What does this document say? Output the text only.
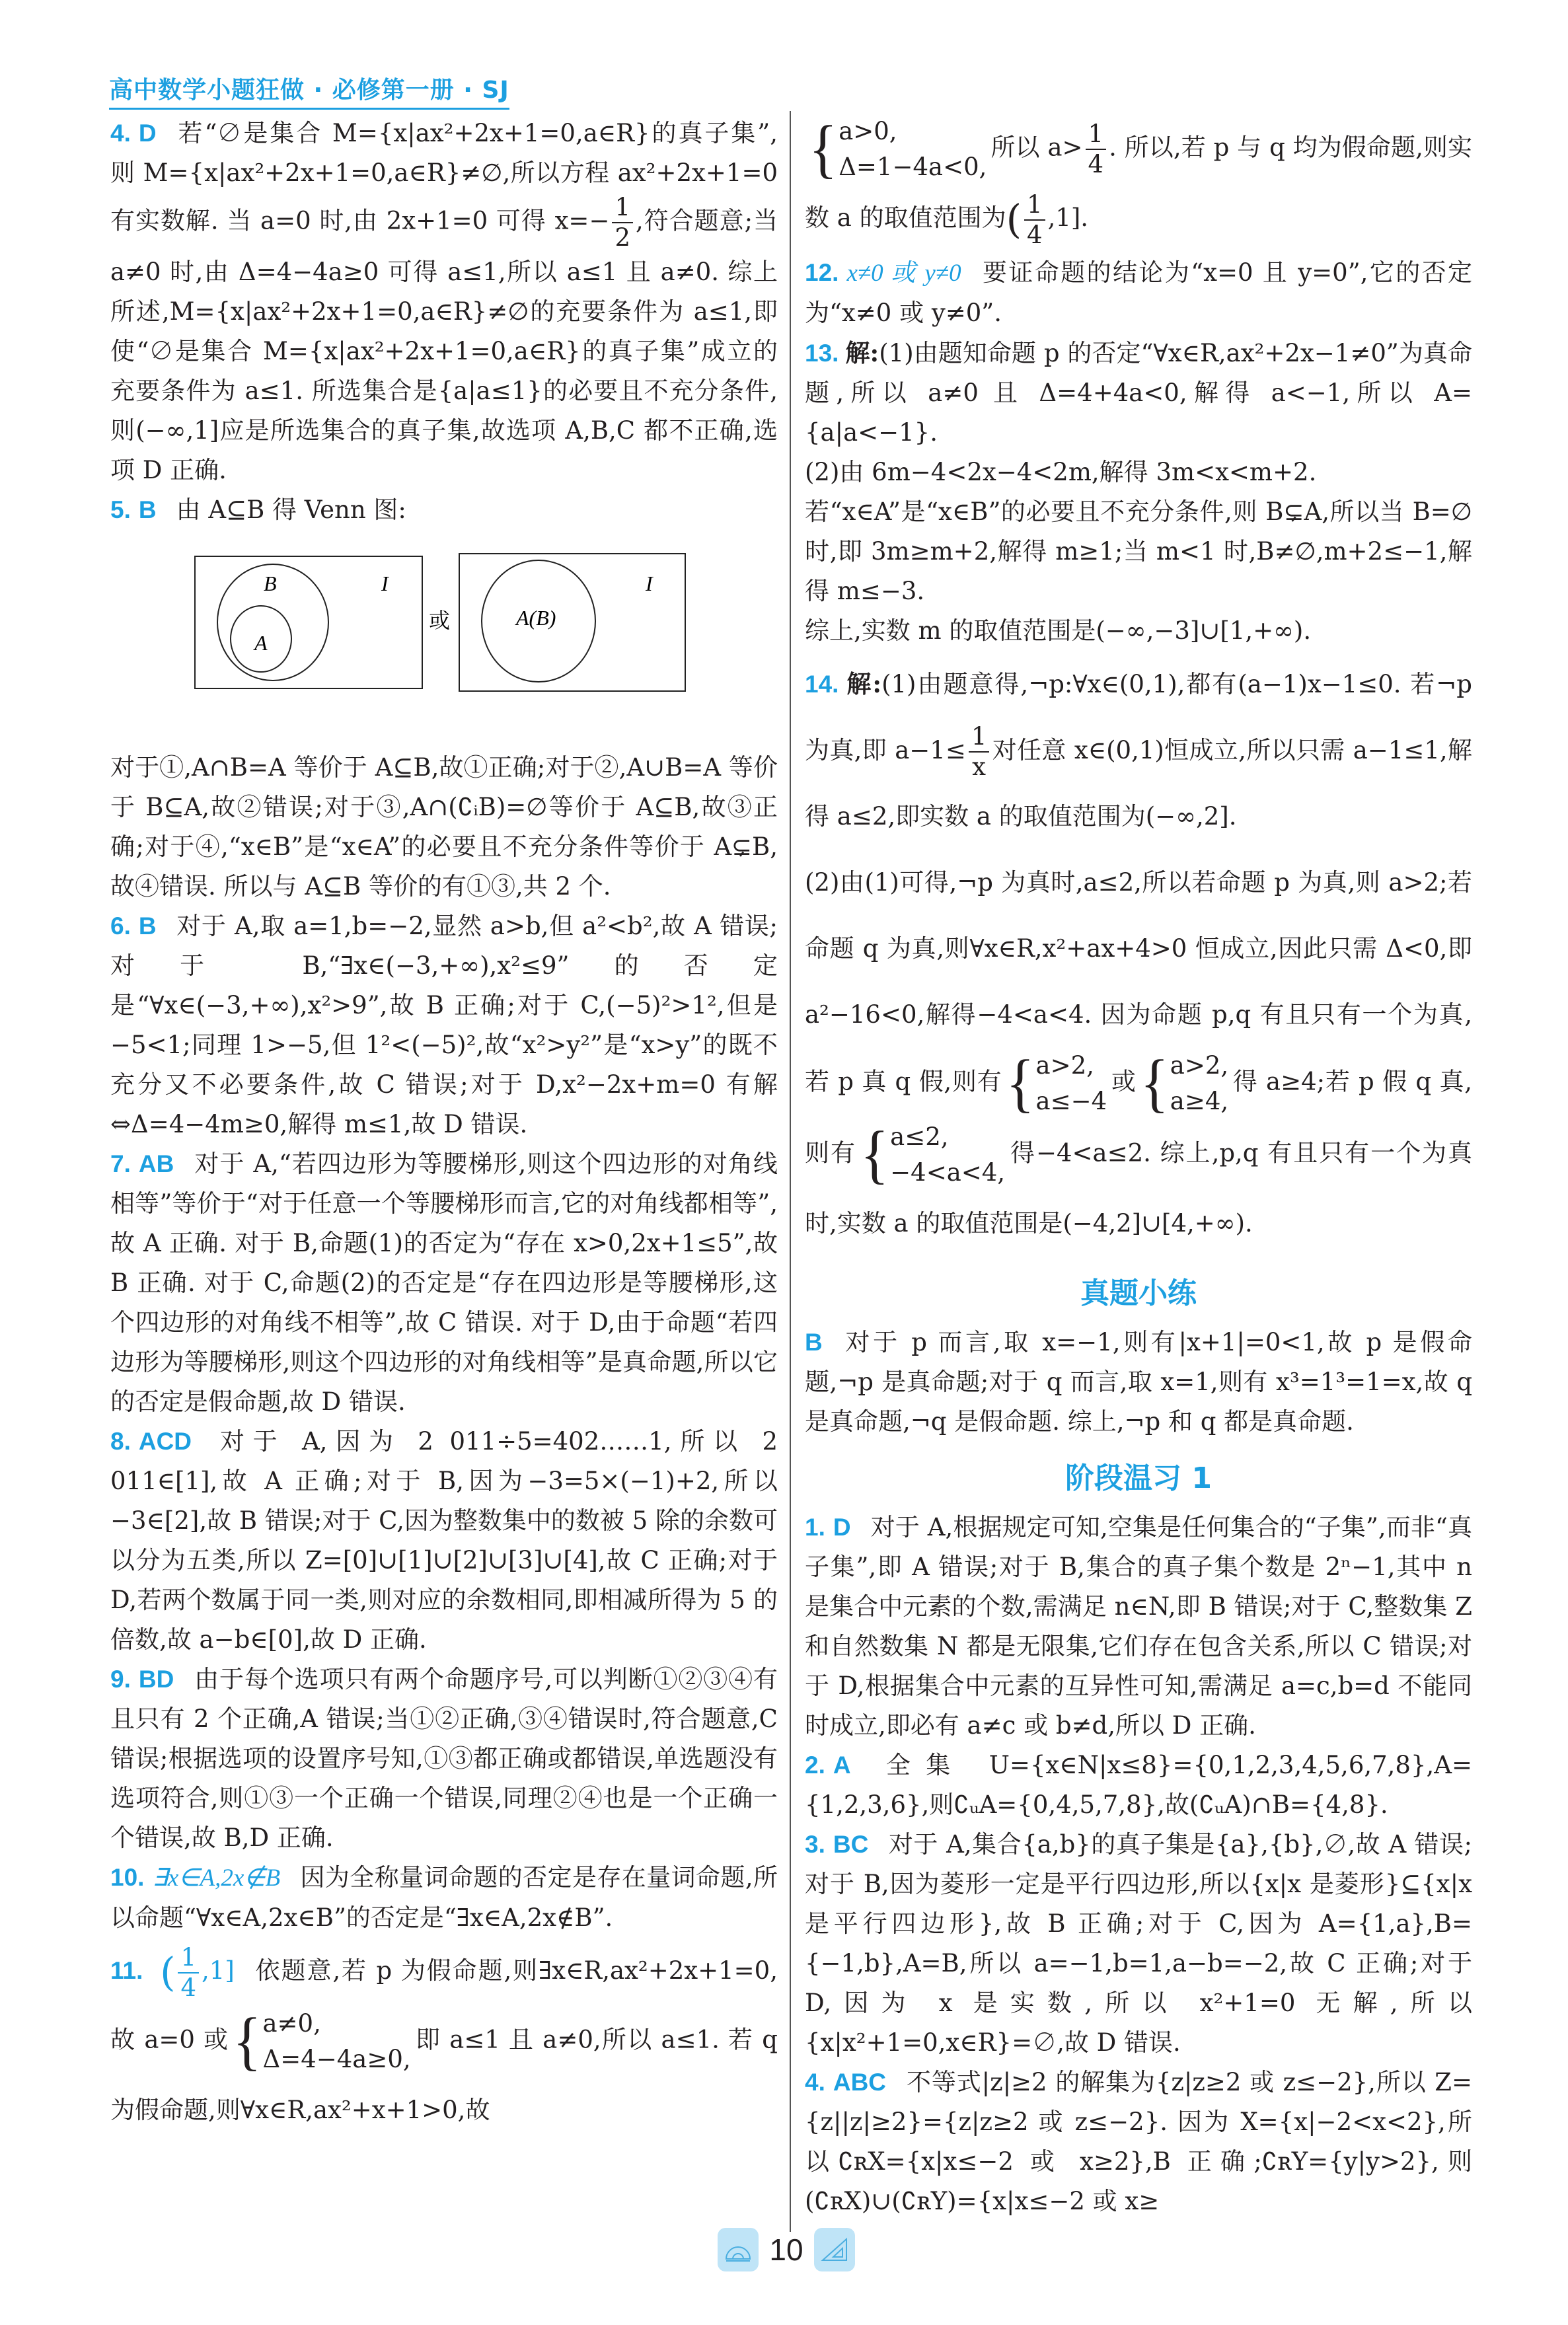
高中数学小题狂做 · 必修第一册 · SJ

4. D 若“∅是集合 M={x|ax²+2x+1=0,a∈R}的真子集”,则 M={x|ax²+2x+1=0,a∈R}≠∅,所以方程 ax²+2x+1=0 有实数解. 当 a=0 时,由 2x+1=0 可得 $x=- \frac{1}{2}$ ,符合题意;当 a≠0 时,由 Δ=4−4a≥0 可得 a≤1,所以 a≤1 且 a≠0. 综上所述,M={x|ax²+2x+1=0,a∈R}≠∅的充要条件为 a≤1,即使“∅是集合 M={x|ax²+2x+1=0,a∈R}的真子集”成立的充要条件为 a≤1. 所选集合是{a|a≤1}的必要且不充分条件,则(−∞,1]应是所选集合的真子集,故选项 A,B,C 都不正确,选项 D 正确.

5. B 由 A⊆B 得 Venn 图:

B
A
I
或	A(B)
I

对于①,A∩B=A 等价于 A⊆B,故①正确;对于②,A∪B=A 等价于 B⊆A,故②错误;对于③,A∩(∁ᵢB)=∅等价于 A⊆B,故③正确;对于④,“x∈B”是“x∈A”的必要且不充分条件等价于 A⊊B,故④错误. 所以与 A⊆B 等价的有①③,共 2 个.

6. B 对于 A,取 a=1,b=−2,显然 a>b,但 a²<b²,故 A 错误;对于 B,“∃x∈(−3,+∞),x²≤9”的否定是“∀x∈(−3,+∞),x²>9”,故 B 正确;对于 C,(−5)²>1²,但是−5<1;同理 1>−5,但 1²<(−5)²,故“x²>y²”是“x>y”的既不充分又不必要条件,故 C 错误;对于 D,x²−2x+m=0 有解⇔Δ=4−4m≥0,解得 m≤1,故 D 错误.

7. AB 对于 A,“若四边形为等腰梯形,则这个四边形的对角线相等”等价于“对于任意一个等腰梯形而言,它的对角线都相等”,故 A 正确. 对于 B,命题(1)的否定为“存在 x>0,2x+1≤5”,故 B 正确. 对于 C,命题(2)的否定是“存在四边形是等腰梯形,这个四边形的对角线不相等”,故 C 错误. 对于 D,由于命题“若四边形为等腰梯形,则这个四边形的对角线相等”是真命题,所以它的否定是假命题,故 D 错误.

8. ACD 对于 A,因为 2 011÷5=402……1,所以 2 011∈[1],故 A 正确;对于 B,因为−3=5×(−1)+2,所以−3∈[2],故 B 错误;对于 C,因为整数集中的数被 5 除的余数可以分为五类,所以 Z=[0]∪[1]∪[2]∪[3]∪[4],故 C 正确;对于 D,若两个数属于同一类,则对应的余数相同,即相减所得为 5 的倍数,故 a−b∈[0],故 D 正确.

9. BD 由于每个选项只有两个命题序号,可以判断①②③④有且只有 2 个正确,A 错误;当①②正确,③④错误时,符合题意,C 错误;根据选项的设置序号知,①③都正确或都错误,单选题没有选项符合,则①③一个正确一个错误,同理②④也是一个正确一个错误,故 B,D 正确.

10. ∃x∈A,2x∉B 因为全称量词命题的否定是存在量词命题,所以命题“∀x∈A,2x∈B”的否定是“∃x∈A,2x∉B”.

11. ( $\frac{1}{4} ,1$] 依题意,若 p 为假命题,则∃x∈R,ax²+2x+1=0,故 a=0 或 { a≠0,
Δ=4−4a≥0,
即 a≤1 且 a≠0,所以 a≤1. 若 q 为假命题,则∀x∈R,ax²+x+1>0,故

{ a>0,
Δ=1−4a<0,
所以 $a> \frac{1}{4}$ . 所以,若 p 与 q 均为假命题,则实数 a 的取值范围为( $\frac{1}{4} ,1$].

12. x≠0 或 y≠0 要证命题的结论为“x=0 且 y=0”,它的否定为“x≠0 或 y≠0”.

13. 解:(1)由题知命题 p 的否定“∀x∈R,ax²+2x−1≠0”为真命题,所以 a≠0 且 Δ=4+4a<0,解得 a<−1,所以 A={a|a<−1}.

(2)由 6m−4<2x−4<2m,解得 3m<x<m+2.

若“x∈A”是“x∈B”的必要且不充分条件,则 B⊊A,所以当 B=∅时,即 3m≥m+2,解得 m≥1;当 m<1 时,B≠∅,m+2≤−1,解得 m≤−3.

综上,实数 m 的取值范围是(−∞,−3]∪[1,+∞).

14. 解:(1)由题意得,¬p:∀x∈(0,1),都有(a−1)x−1≤0. 若¬p 为真,即 $a-1\le \frac{1}{x}$ 对任意 x∈(0,1)恒成立,所以只需 a−1≤1,解得 a≤2,即实数 a 的取值范围为(−∞,2].

(2)由(1)可得,¬p 为真时,a≤2,所以若命题 p 为真,则 a>2;若命题 q 为真,则∀x∈R,x²+ax+4>0 恒成立,因此只需 Δ<0,即 a²−16<0,解得−4<a<4. 因为命题 p,q 有且只有一个为真,若 p 真 q 假,则有 { a>2,
a≤−4
或 { a>2,
a≥4,
得 a≥4;若 p 假 q 真,则有 { a≤2,
−4<a<4,
得−4<a≤2. 综上,p,q 有且只有一个为真时,实数 a 的取值范围是(−4,2]∪[4,+∞).

真题小练

B 对于 p 而言,取 x=−1,则有|x+1|=0<1,故 p 是假命题,¬p 是真命题;对于 q 而言,取 x=1,则有 x³=1³=1=x,故 q 是真命题,¬q 是假命题. 综上,¬p 和 q 都是真命题.

阶段温习 1

1. D 对于 A,根据规定可知,空集是任何集合的“子集”,而非“真子集”,即 A 错误;对于 B,集合的真子集个数是 2ⁿ−1,其中 n 是集合中元素的个数,需满足 n∈N,即 B 错误;对于 C,整数集 Z 和自然数集 N 都是无限集,它们存在包含关系,所以 C 错误;对于 D,根据集合中元素的互异性可知,需满足 a=c,b=d 不能同时成立,即必有 a≠c 或 b≠d,所以 D 正确.

2. A 全集 U={x∈N|x≤8}={0,1,2,3,4,5,6,7,8},A={1,2,3,6},则∁ᵤA={0,4,5,7,8},故(∁ᵤA)∩B={4,8}.

3. BC 对于 A,集合{a,b}的真子集是{a},{b},∅,故 A 错误;对于 B,因为菱形一定是平行四边形,所以{x|x 是菱形}⊆{x|x 是平行四边形},故 B 正确;对于 C,因为 A={1,a},B={−1,b},A=B,所以 a=−1,b=1,a−b=−2,故 C 正确;对于 D,因为 x 是实数,所以 x²+1=0 无解,所以{x|x²+1=0,x∈R}=∅,故 D 错误.

4. ABC 不等式|z|≥2 的解集为{z|z≥2 或 z≤−2},所以 Z={z||z|≥2}={z|z≥2 或 z≤−2}. 因为 X={x|−2<x<2},所以∁ʀX={x|x≤−2 或 x≥2},B 正确;∁ʀY={y|y>2},则(∁ʀX)∪(∁ʀY)={x|x≤−2 或 x≥

10
